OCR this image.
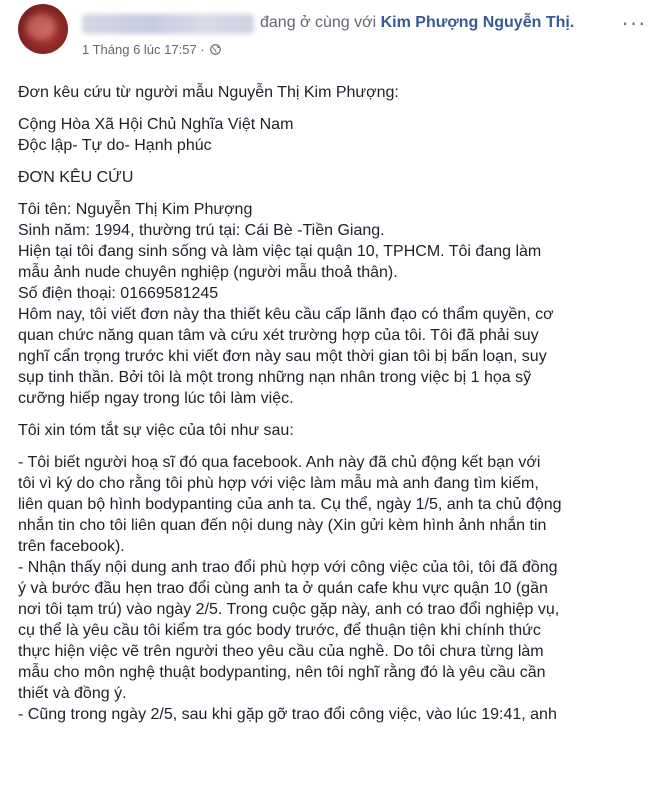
đang ở cùng với Kim Phượng Nguyễn Thị. ···
1 Tháng 6 lúc 17:57 ·

Đơn kêu cứu từ người mẫu Nguyễn Thị Kim Phượng:

Cộng Hòa Xã Hội Chủ Nghĩa Việt Nam

Độc lập- Tự do- Hạnh phúc

ĐƠN KÊU CỨU

Tôi tên: Nguyễn Thị Kim Phượng

Sinh năm: 1994, thường trú tại: Cái Bè -Tiền Giang.

Hiện tại tôi đang sinh sống và làm việc tại quận 10, TPHCM. Tôi đang làm

mẫu ảnh nude chuyên nghiệp (người mẫu thoả thân).

Số điện thoại: 01669581245

Hôm nay, tôi viết đơn này tha thiết kêu cầu cấp lãnh đạo có thẩm quyền, cơ

quan chức năng quan tâm và cứu xét trường hợp của tôi. Tôi đã phải suy

nghĩ cẩn trọng trước khi viết đơn này sau một thời gian tôi bị bấn loạn, suy

sụp tinh thần. Bởi tôi là một trong những nạn nhân trong việc bị 1 họa sỹ

cưỡng hiếp ngay trong lúc tôi làm việc.

Tôi xin tóm tắt sự việc của tôi như sau:

- Tôi biết người hoạ sĩ đó qua facebook. Anh này đã chủ động kết bạn với

tôi vì ký do cho rằng tôi phù hợp với việc làm mẫu mà anh đang tìm kiếm,

liên quan bộ hình bodypanting của anh ta. Cụ thể, ngày 1/5, anh ta chủ động

nhắn tin cho tôi liên quan đến nội dung này (Xin gửi kèm hình ảnh nhắn tin

trên facebook).

- Nhận thấy nội dung anh trao đổi phù hợp với công việc của tôi, tôi đã đồng

ý và bước đầu hẹn trao đổi cùng anh ta ở quán cafe khu vực quận 10 (gần

nơi tôi tạm trú) vào ngày 2/5. Trong cuộc gặp này, anh có trao đổi nghiệp vụ,

cụ thể là yêu cầu tôi kiểm tra góc body trước, để thuận tiện khi chính thức

thực hiện việc vẽ trên người theo yêu cầu của nghề. Do tôi chưa từng làm

mẫu cho môn nghệ thuật bodypanting, nên tôi nghĩ rằng đó là yêu cầu cần

thiết và đồng ý.

- Cũng trong ngày 2/5, sau khi gặp gỡ trao đổi công việc, vào lúc 19:41, anh
